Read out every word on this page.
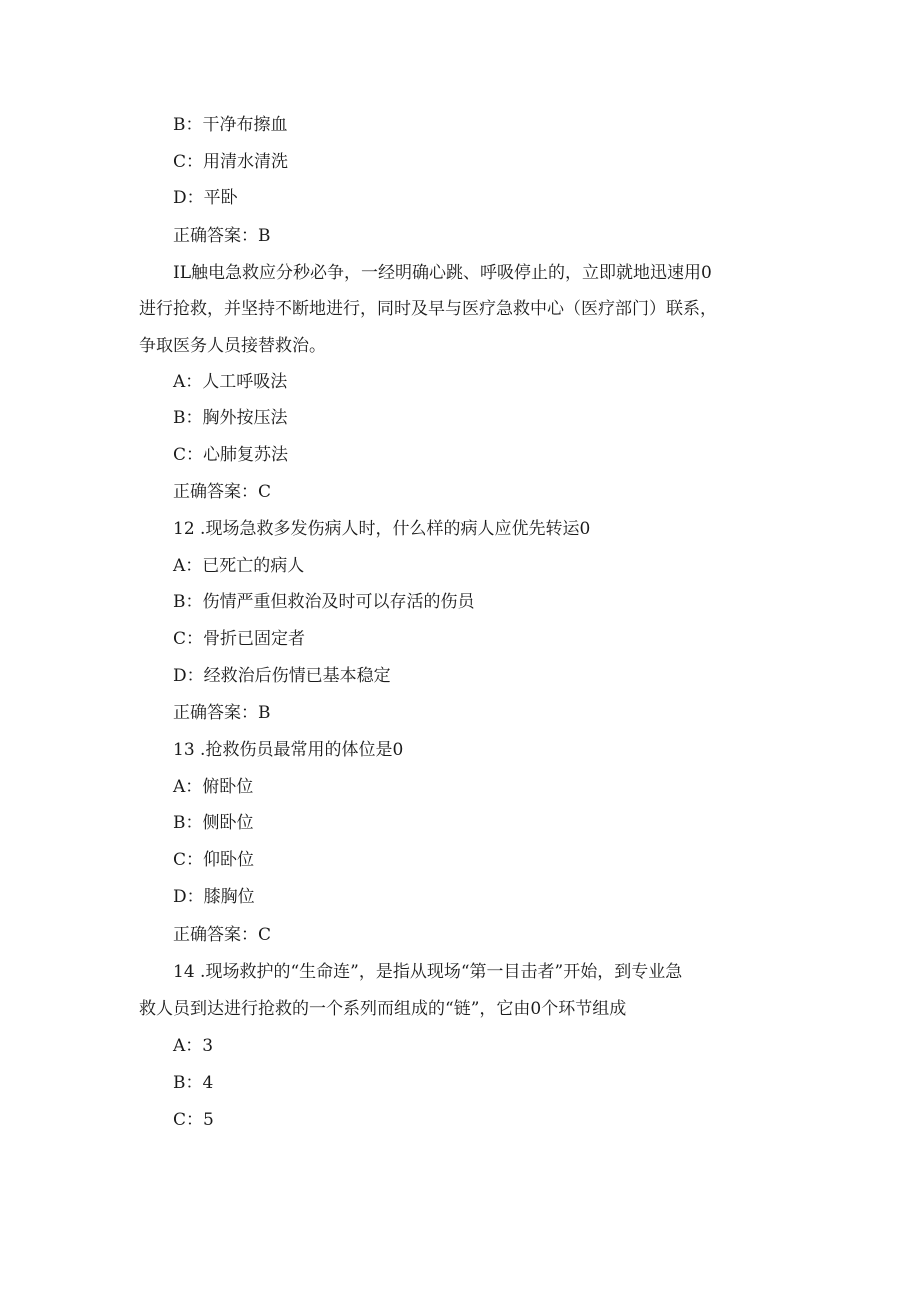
B：干净布擦血
C：用清水清洗
D：平卧
正确答案：B
IL触电急救应分秒必争，一经明确心跳、呼吸停止的，立即就地迅速用0
进行抢救，并坚持不断地进行，同时及早与医疗急救中心（医疗部门）联系，
争取医务人员接替救治。
A：人工呼吸法
B：胸外按压法
C：心肺复苏法
正确答案：C
12 .现场急救多发伤病人时，什么样的病人应优先转运0
A：已死亡的病人
B：伤情严重但救治及时可以存活的伤员
C：骨折已固定者
D：经救治后伤情已基本稳定
正确答案：B
13 .抢救伤员最常用的体位是0
A：俯卧位
B：侧卧位
C：仰卧位
D：膝胸位
正确答案：C
14 .现场救护的“生命连”，是指从现场“第一目击者”开始，到专业急
救人员到达进行抢救的一个系列而组成的“链”，它由0个环节组成
A：3
B：4
C：5
